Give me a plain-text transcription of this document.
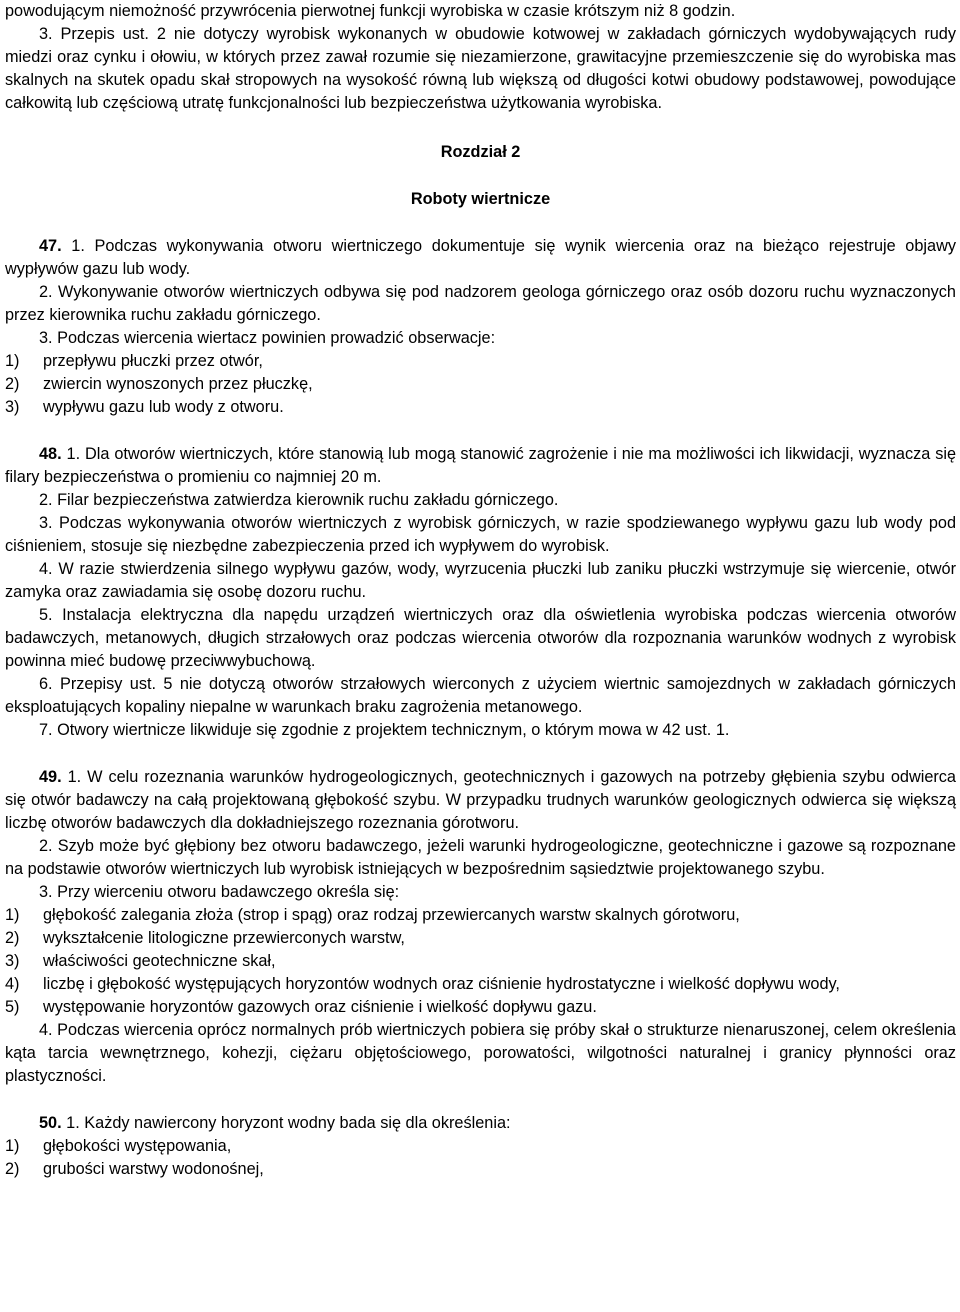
powodującym niemożność przywrócenia pierwotnej funkcji wyrobiska w czasie krótszym niż 8 godzin.

3. Przepis ust. 2 nie dotyczy wyrobisk wykonanych w obudowie kotwowej w zakładach górniczych wydobywających rudy miedzi oraz cynku i ołowiu, w których przez zawał rozumie się niezamierzone, grawitacyjne przemieszczenie się do wyrobiska mas skalnych na skutek opadu skał stropowych na wysokość równą lub większą od długości kotwi obudowy podstawowej, powodujące całkowitą lub częściową utratę funkcjonalności lub bezpieczeństwa użytkowania wyrobiska.

Rozdział 2

Roboty wiertnicze

47. 1. Podczas wykonywania otworu wiertniczego dokumentuje się wynik wiercenia oraz na bieżąco rejestruje objawy wypływów gazu lub wody.

2. Wykonywanie otworów wiertniczych odbywa się pod nadzorem geologa górniczego oraz osób dozoru ruchu wyznaczonych przez kierownika ruchu zakładu górniczego.

3. Podczas wiercenia wiertacz powinien prowadzić obserwacje:

1)	przepływu płuczki przez otwór,
2)	zwiercin wynoszonych przez płuczkę,
3)	wypływu gazu lub wody z otworu.

48. 1. Dla otworów wiertniczych, które stanowią lub mogą stanowić zagrożenie i nie ma możliwości ich likwidacji, wyznacza się filary bezpieczeństwa o promieniu co najmniej 20 m.

2. Filar bezpieczeństwa zatwierdza kierownik ruchu zakładu górniczego.

3. Podczas wykonywania otworów wiertniczych z wyrobisk górniczych, w razie spodziewanego wypływu gazu lub wody pod ciśnieniem, stosuje się niezbędne zabezpieczenia przed ich wypływem do wyrobisk.

4. W razie stwierdzenia silnego wypływu gazów, wody, wyrzucenia płuczki lub zaniku płuczki wstrzymuje się wiercenie, otwór zamyka oraz zawiadamia się osobę dozoru ruchu.

5. Instalacja elektryczna dla napędu urządzeń wiertniczych oraz dla oświetlenia wyrobiska podczas wiercenia otworów badawczych, metanowych, długich strzałowych oraz podczas wiercenia otworów dla rozpoznania warunków wodnych z wyrobisk powinna mieć budowę przeciwwybuchową.

6. Przepisy ust. 5 nie dotyczą otworów strzałowych wierconych z użyciem wiertnic samojezdnych w zakładach górniczych eksploatujących kopaliny niepalne w warunkach braku zagrożenia metanowego.

7. Otwory wiertnicze likwiduje się zgodnie z projektem technicznym, o którym mowa w 42 ust. 1.

49. 1. W celu rozeznania warunków hydrogeologicznych, geotechnicznych i gazowych na potrzeby głębienia szybu odwierca się otwór badawczy na całą projektowaną głębokość szybu. W przypadku trudnych warunków geologicznych odwierca się większą liczbę otworów badawczych dla dokładniejszego rozeznania górotworu.

2. Szyb może być głębiony bez otworu badawczego, jeżeli warunki hydrogeologiczne, geotechniczne i gazowe są rozpoznane na podstawie otworów wiertniczych lub wyrobisk istniejących w bezpośrednim sąsiedztwie projektowanego szybu.

3. Przy wierceniu otworu badawczego określa się:

1)	głębokość zalegania złoża (strop i spąg) oraz rodzaj przewiercanych warstw skalnych górotworu,
2)	wykształcenie litologiczne przewierconych warstw,
3)	właściwości geotechniczne skał,
4)	liczbę i głębokość występujących horyzontów wodnych oraz ciśnienie hydrostatyczne i wielkość dopływu wody,
5)	występowanie horyzontów gazowych oraz ciśnienie i wielkość dopływu gazu.

4. Podczas wiercenia oprócz normalnych prób wiertniczych pobiera się próby skał o strukturze nienaruszonej, celem określenia kąta tarcia wewnętrznego, kohezji, ciężaru objętościowego, porowatości, wilgotności naturalnej i granicy płynności oraz plastyczności.

50. 1. Każdy nawiercony horyzont wodny bada się dla określenia:

1)	głębokości występowania,
2)	grubości warstwy wodonośnej,
